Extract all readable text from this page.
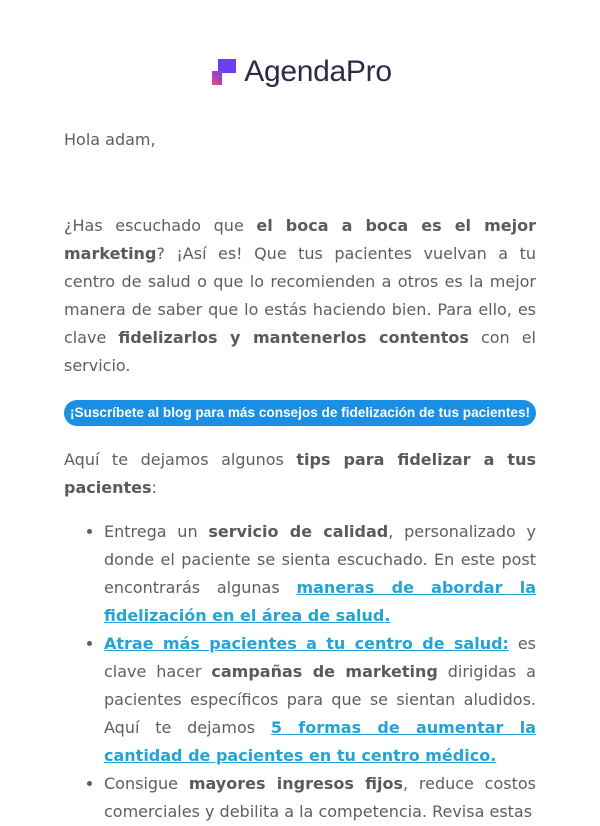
AgendaPro

Hola adam,

¿Has escuchado que el boca a boca es el mejor marketing? ¡Así es! Que tus pacientes vuelvan a tu centro de salud o que lo recomienden a otros es la mejor manera de saber que lo estás haciendo bien. Para ello, es clave fidelizarlos y mantenerlos contentos con el servicio.

¡Suscríbete al blog para más consejos de fidelización de tus pacientes!

Aquí te dejamos algunos tips para fidelizar a tus pacientes:

• Entrega un servicio de calidad, personalizado y donde el paciente se sienta escuchado. En este post encontrarás algunas maneras de abordar la fidelización en el área de salud.
• Atrae más pacientes a tu centro de salud: es clave hacer campañas de marketing dirigidas a pacientes específicos para que se sientan aludidos. Aquí te dejamos 5 formas de aumentar la cantidad de pacientes en tu centro médico.
• Consigue mayores ingresos fijos, reduce costos comerciales y debilita a la competencia. Revisa estas
